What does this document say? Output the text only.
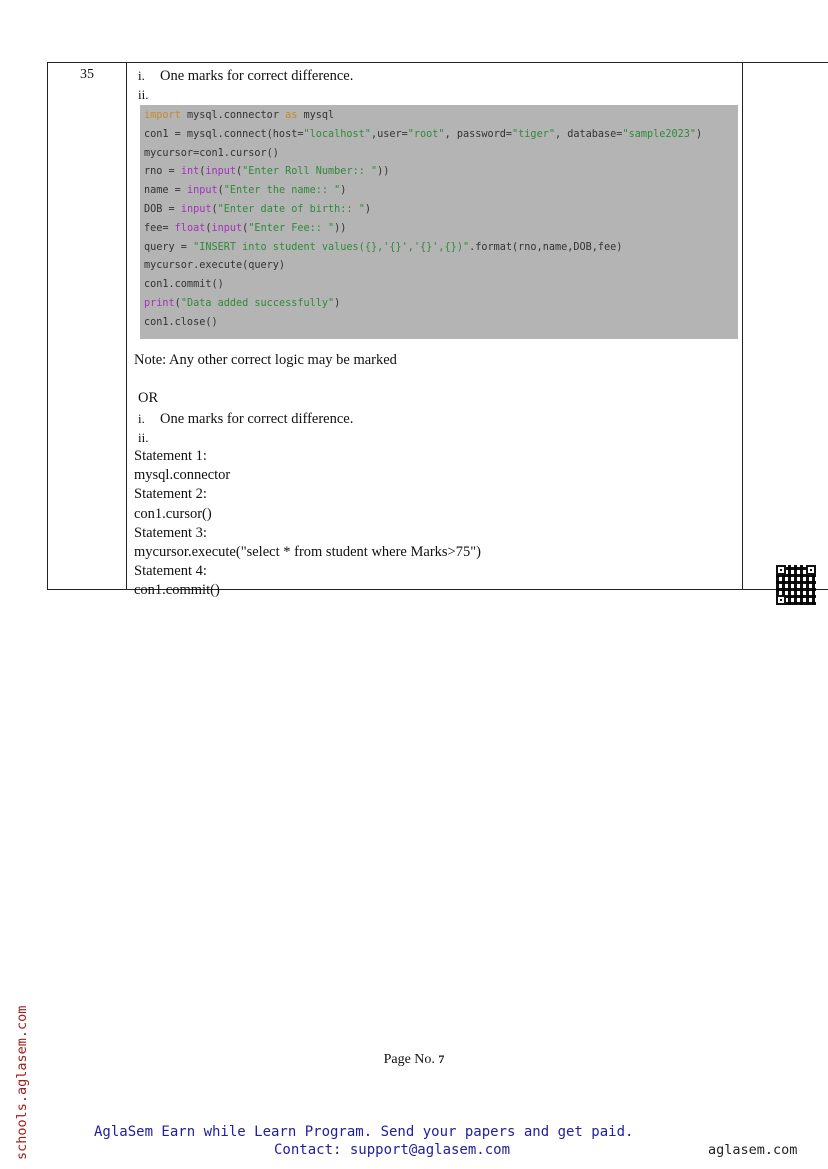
35	i. One marks for correct difference.
ii.
import mysql.connector as mysql
con1 = mysql.connect(host="localhost",user="root", password="tiger", database="sample2023")
mycursor=con1.cursor()
rno = int(input("Enter Roll Number:: "))
name = input("Enter the name:: ")
DOB = input("Enter date of birth:: ")
fee= float(input("Enter Fee:: "))
query = "INSERT into student values({},'{}','{}',{})".format(rno,name,DOB,fee)
mycursor.execute(query)
con1.commit()
print("Data added successfully")
con1.close()
Note: Any other correct logic may be marked
OR
i. One marks for correct difference.
ii.
Statement 1:
mysql.connector
Statement 2:
con1.cursor()
Statement 3:
mycursor.execute("select * from student where Marks>75")
Statement 4:
con1.commit()
schools.aglasem.com	Page No. 7
AglaSem Earn while Learn Program. Send your papers and get paid.
Contact: support@aglasem.com	aglasem.com
